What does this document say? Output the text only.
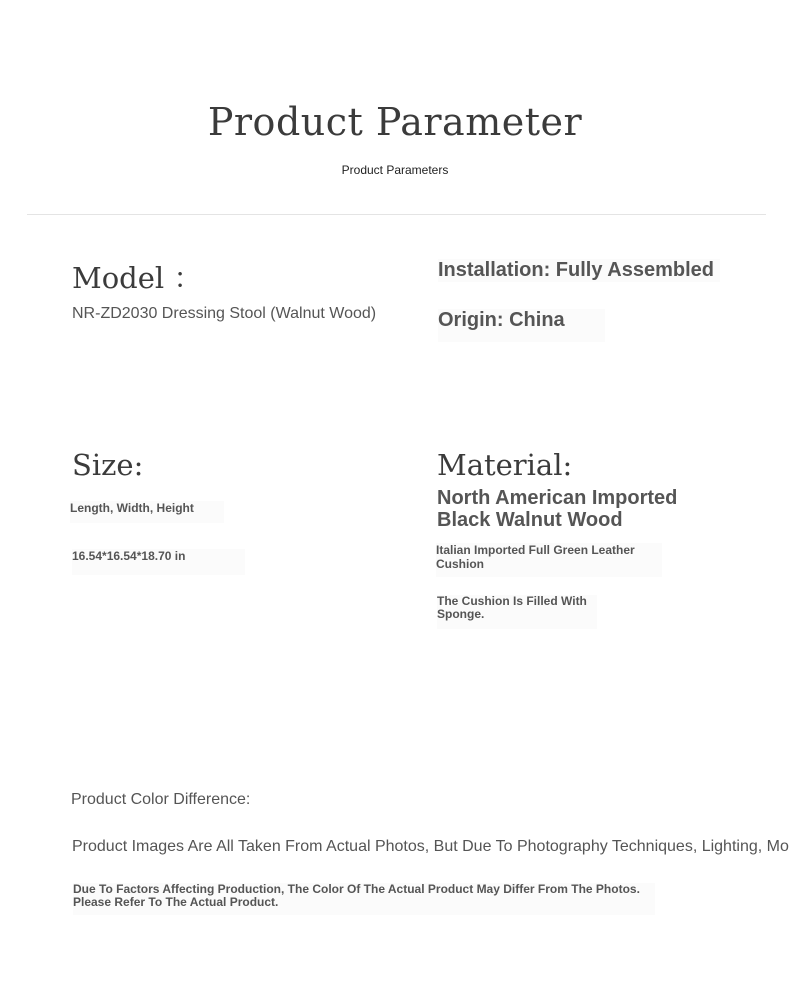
Product Parameter
Product Parameters
Model ：
NR-ZD2030 Dressing Stool (Walnut Wood)
Installation: Fully Assembled
Origin: China
Size:
Length, Width, Height
16.54*16.54*18.70 in
Material:
North American Imported Black Walnut Wood
Italian Imported Full Green Leather Cushion
The Cushion Is Filled With Sponge.
Product Color Difference:
Product Images Are All Taken From Actual Photos, But Due To Photography Techniques, Lighting, Mo
Due To Factors Affecting Production, The Color Of The Actual Product May Differ From The Photos. Please Refer To The Actual Product.
